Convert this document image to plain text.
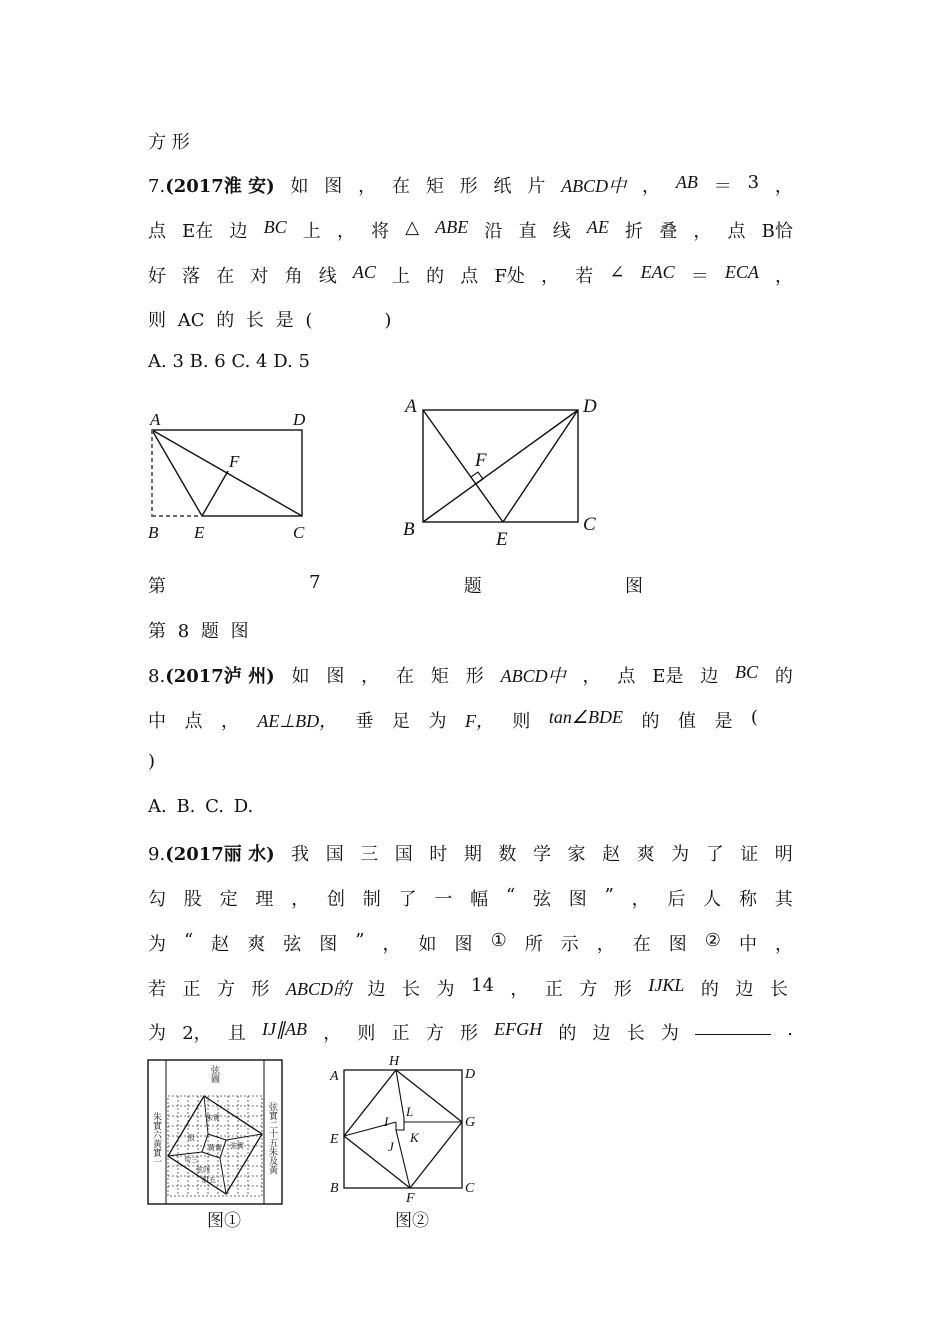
方 形
7.(2017淮 安) 如 图 ， 在 矩 形 纸 片 ABCD中 ， AB ＝ 3 ，
点 E在 边 BC 上 ， 将 △ ABE 沿 直 线 AE 折 叠 ， 点 B恰
好 落 在 对 角 线 AC 上 的 点 F处 ， 若 ∠ EAC ＝ ECA ，
则 AC 的 长 是 (　　　　)
A. 3 B. 6 C. 4 D. 5
A	D
F
B E	C
A	D
F
B	E
C
第	7	题	图
第 8 题 图
8.(2017泸 州) 如 图 ， 在 矩 形 ABCD中 ， 点 E是 边 BC 的
中 点 ， AE⊥BD， 垂 足 为 F， 则 tan∠BDE 的 值 是 (
)
A. B. C. D.
9.(2017丽 水) 我 国 三 国 时 期 数 学 家 赵 爽 为 了 证 明
勾 股 定 理 ， 创 制 了 一 幅 “ 弦 图 ” ， 后 人 称 其
为 “ 赵 爽 弦 图 ” ， 如 图 ① 所 示 ， 在 图 ② 中 ，
若 正 方 形 ABCD的 边 长 为 14 ， 正 方 形 IJKL 的 边 长
为 2， 且 IJ∥AB ， 则 正 方 形 EFGH 的 边 长 为	.
弦圖
朱實六黃實一	弦實二十五朱及黃
朱實
黃實
股
弦實
句三
弦四
股五
图①
A
H
D
E
G
B
F
C
I
L
J
K
图②
